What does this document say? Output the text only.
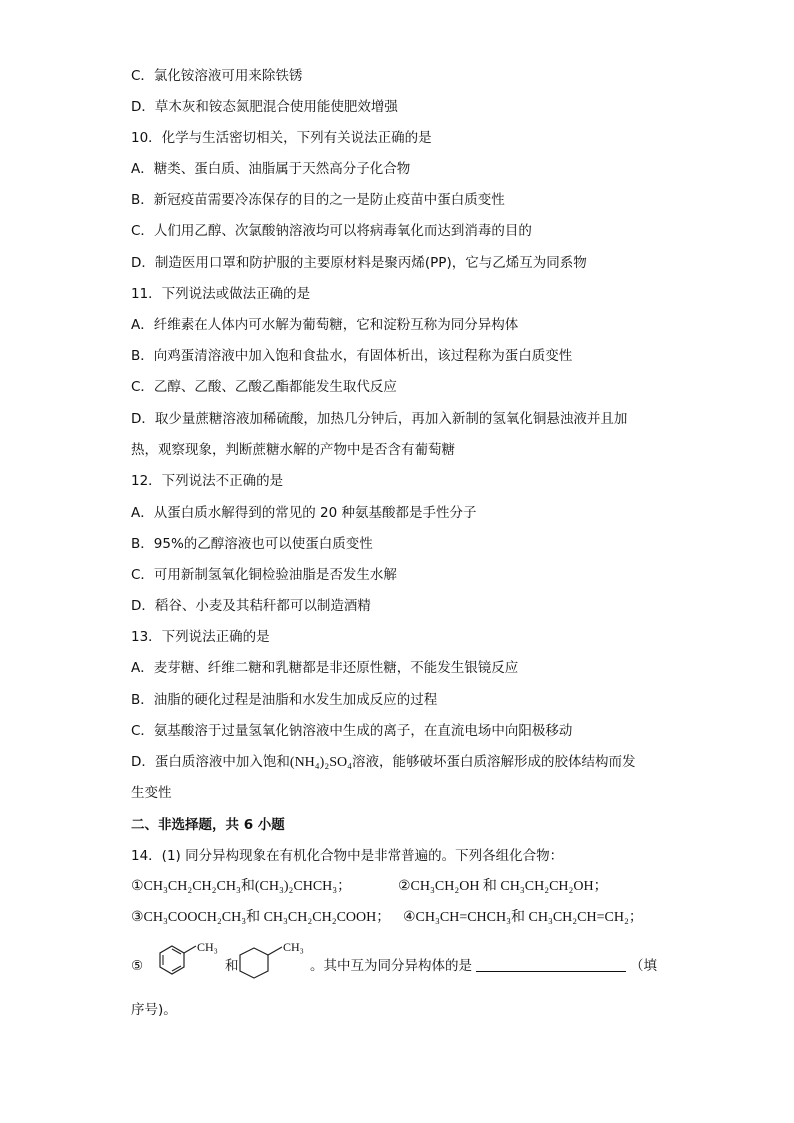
C．氯化铵溶液可用来除铁锈
D．草木灰和铵态氮肥混合使用能使肥效增强
10．化学与生活密切相关，下列有关说法正确的是
A．糖类、蛋白质、油脂属于天然高分子化合物
B．新冠疫苗需要冷冻保存的目的之一是防止疫苗中蛋白质变性
C．人们用乙醇、次氯酸钠溶液均可以将病毒氧化而达到消毒的目的
D．制造医用口罩和防护服的主要原材料是聚丙烯(PP)，它与乙烯互为同系物
11．下列说法或做法正确的是
A．纤维素在人体内可水解为葡萄糖，它和淀粉互称为同分异构体
B．向鸡蛋清溶液中加入饱和食盐水，有固体析出，该过程称为蛋白质变性
C．乙醇、乙酸、乙酸乙酯都能发生取代反应
D．取少量蔗糖溶液加稀硫酸，加热几分钟后，再加入新制的氢氧化铜悬浊液并且加
热，观察现象，判断蔗糖水解的产物中是否含有葡萄糖
12．下列说法不正确的是
A．从蛋白质水解得到的常见的 20 种氨基酸都是手性分子
B．95%的乙醇溶液也可以使蛋白质变性
C．可用新制氢氧化铜检验油脂是否发生水解
D．稻谷、小麦及其秸秆都可以制造酒精
13．下列说法正确的是
A．麦芽糖、纤维二糖和乳糖都是非还原性糖，不能发生银镜反应
B．油脂的硬化过程是油脂和水发生加成反应的过程
C．氨基酸溶于过量氢氧化钠溶液中生成的离子，在直流电场中向阳极移动
D．蛋白质溶液中加入饱和(NH₄)₂SO₄溶液，能够破坏蛋白质溶解形成的胶体结构而发
生变性
二、非选择题，共 6 小题
14．(1) 同分异构现象在有机化合物中是非常普遍的。下列各组化合物：
①CH₃CH₂CH₂CH₃和(CH₃)₂CHCH₃；	②CH₃CH₂OH 和 CH₃CH₂CH₂OH；
③CH₃COOCH₂CH₃和 CH₃CH₂CH₂COOH； ④CH₃CH=CHCH₃和 CH₃CH₂CH=CH₂；
⑤
CH₃
和
CH₃
。其中互为同分异构体的是	（填
序号)。
